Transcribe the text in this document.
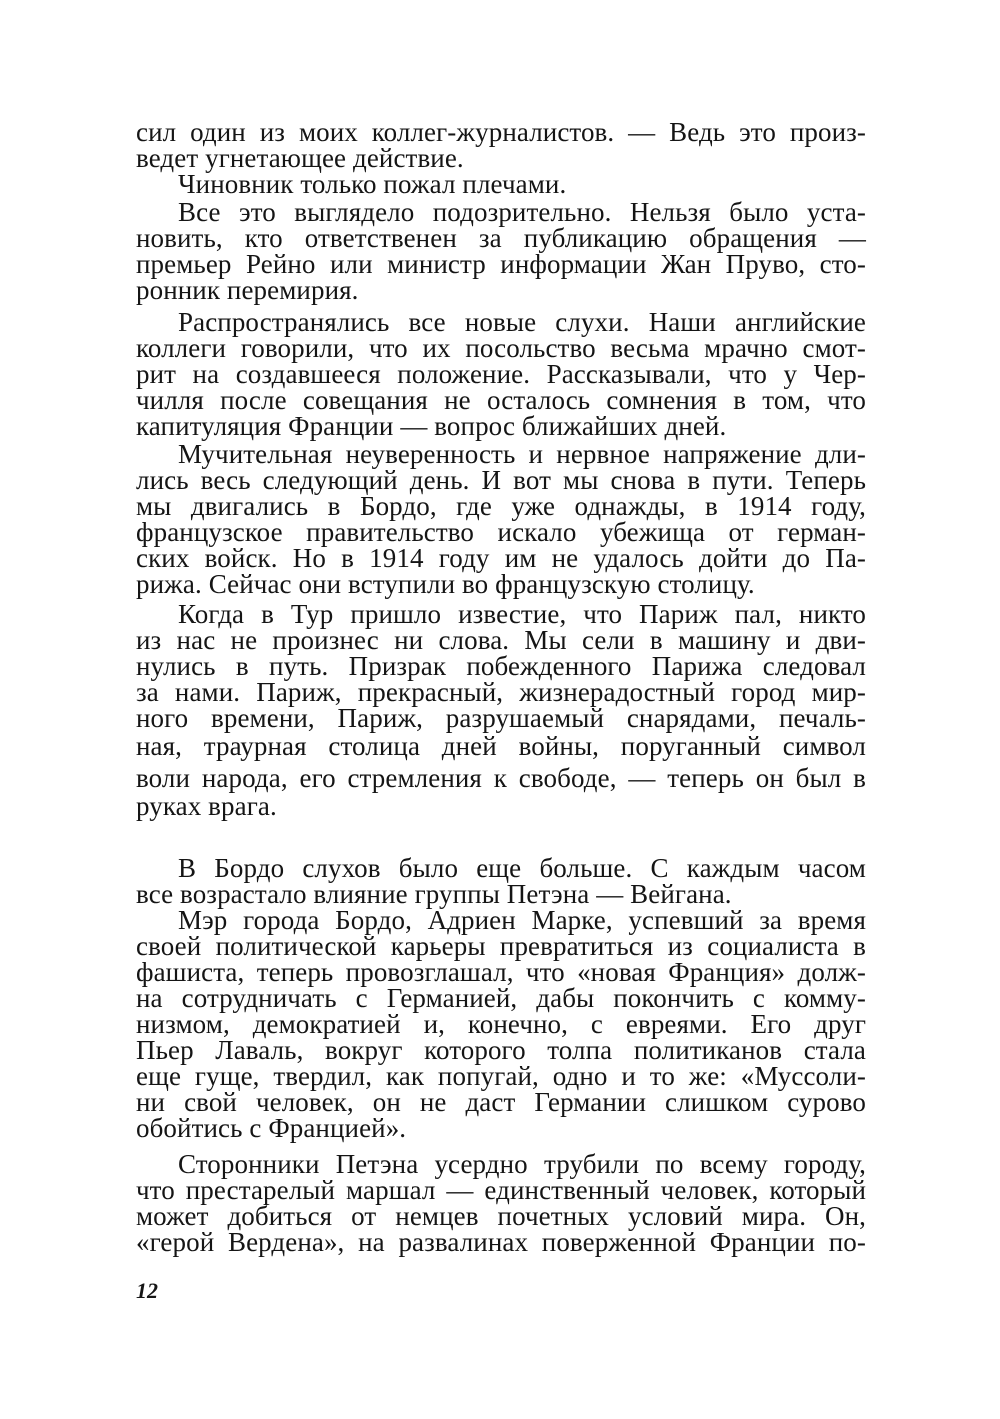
сил один из моих коллег-журналистов. — Ведь это произ-
ведет угнетающее действие.
Чиновник только пожал плечами.
Все это выглядело подозрительно. Нельзя было уста-
новить, кто ответственен за публикацию обращения —
премьер Рейно или министр информации Жан Пруво, сто-
ронник перемирия.
Распространялись все новые слухи. Наши английские
коллеги говорили, что их посольство весьма мрачно смот-
рит на создавшееся положение. Рассказывали, что у Чер-
чилля после совещания не осталось сомнения в том, что
капитуляция Франции — вопрос ближайших дней.
Мучительная неуверенность и нервное напряжение дли-
лись весь следующий день. И вот мы снова в пути. Теперь
мы двигались в Бордо, где уже однажды, в 1914 году,
французское правительство искало убежища от герман-
ских войск. Но в 1914 году им не удалось дойти до Па-
рижа. Сейчас они вступили во французскую столицу.
Когда в Тур пришло известие, что Париж пал, никто
из нас не произнес ни слова. Мы сели в машину и дви-
нулись в путь. Призрак побежденного Парижа следовал
за нами. Париж, прекрасный, жизнерадостный город мир-
ного времени, Париж, разрушаемый снарядами, печаль-
ная, траурная столица дней войны, поруганный символ
воли народа, его стремления к свободе, — теперь он был в
руках врага.
В Бордо слухов было еще больше. С каждым часом
все возрастало влияние группы Петэна — Вейгана.
Мэр города Бордо, Адриен Марке, успевший за время
своей политической карьеры превратиться из социалиста в
фашиста, теперь провозглашал, что «новая Франция» долж-
на сотрудничать с Германией, дабы покончить с комму-
низмом, демократией и, конечно, с евреями. Его друг
Пьер Лаваль, вокруг которого толпа политиканов стала
еще гуще, твердил, как попугай, одно и то же: «Муссоли-
ни свой человек, он не даст Германии слишком сурово
обойтись с Францией».
Сторонники Петэна усердно трубили по всему городу,
что престарелый маршал — единственный человек, который
может добиться от немцев почетных условий мира. Он,
«герой Вердена», на развалинах поверженной Франции по-
12
